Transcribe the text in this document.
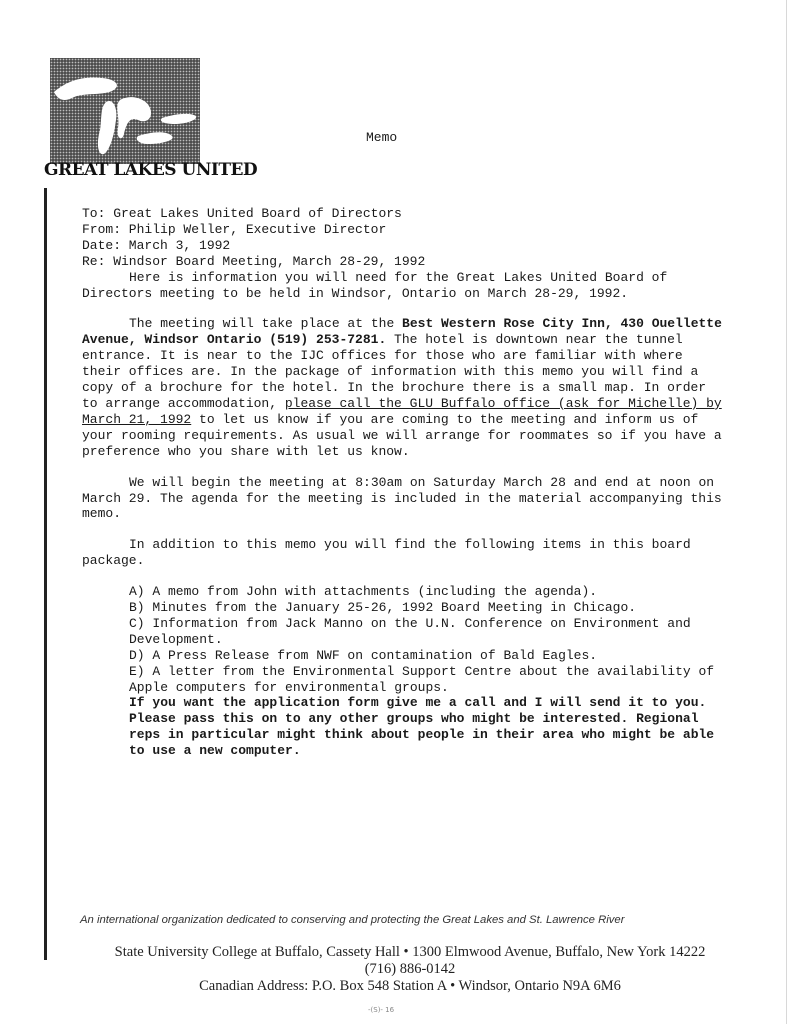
GREAT LAKES UNITED
Memo

To: Great Lakes United Board of Directors

From: Philip Weller, Executive Director

Date: March 3, 1992

Re: Windsor Board Meeting, March 28-29, 1992

Here is information you will need for the Great Lakes United Board of Directors meeting to be held in Windsor, Ontario on March 28-29, 1992.

The meeting will take place at the Best Western Rose City Inn, 430 Ouellette Avenue, Windsor Ontario (519) 253-7281. The hotel is downtown near the tunnel entrance. It is near to the IJC offices for those who are familiar with where their offices are. In the package of information with this memo you will find a copy of a brochure for the hotel. In the brochure there is a small map. In order to arrange accommodation, please call the GLU Buffalo office (ask for Michelle) by March 21, 1992 to let us know if you are coming to the meeting and inform us of your rooming requirements. As usual we will arrange for roommates so if you have a preference who you share with let us know.

We will begin the meeting at 8:30am on Saturday March 28 and end at noon on March 29. The agenda for the meeting is included in the material accompanying this memo.

In addition to this memo you will find the following items in this board package.

A) A memo from John with attachments (including the agenda).
B) Minutes from the January 25-26, 1992 Board Meeting in Chicago.
C) Information from Jack Manno on the U.N. Conference on Environment and Development.
D) A Press Release from NWF on contamination of Bald Eagles.
E) A letter from the Environmental Support Centre about the availability of Apple computers for environmental groups.
If you want the application form give me a call and I will send it to you. Please pass this on to any other groups who might be interested. Regional reps in particular might think about people in their area who might be able to use a new computer.
An international organization dedicated to conserving and protecting the Great Lakes and St. Lawrence River
State University College at Buffalo, Cassety Hall • 1300 Elmwood Avenue, Buffalo, New York 14222
(716) 886-0142
Canadian Address: P.O. Box 548 Station A • Windsor, Ontario N9A 6M6
-(S)- 16
